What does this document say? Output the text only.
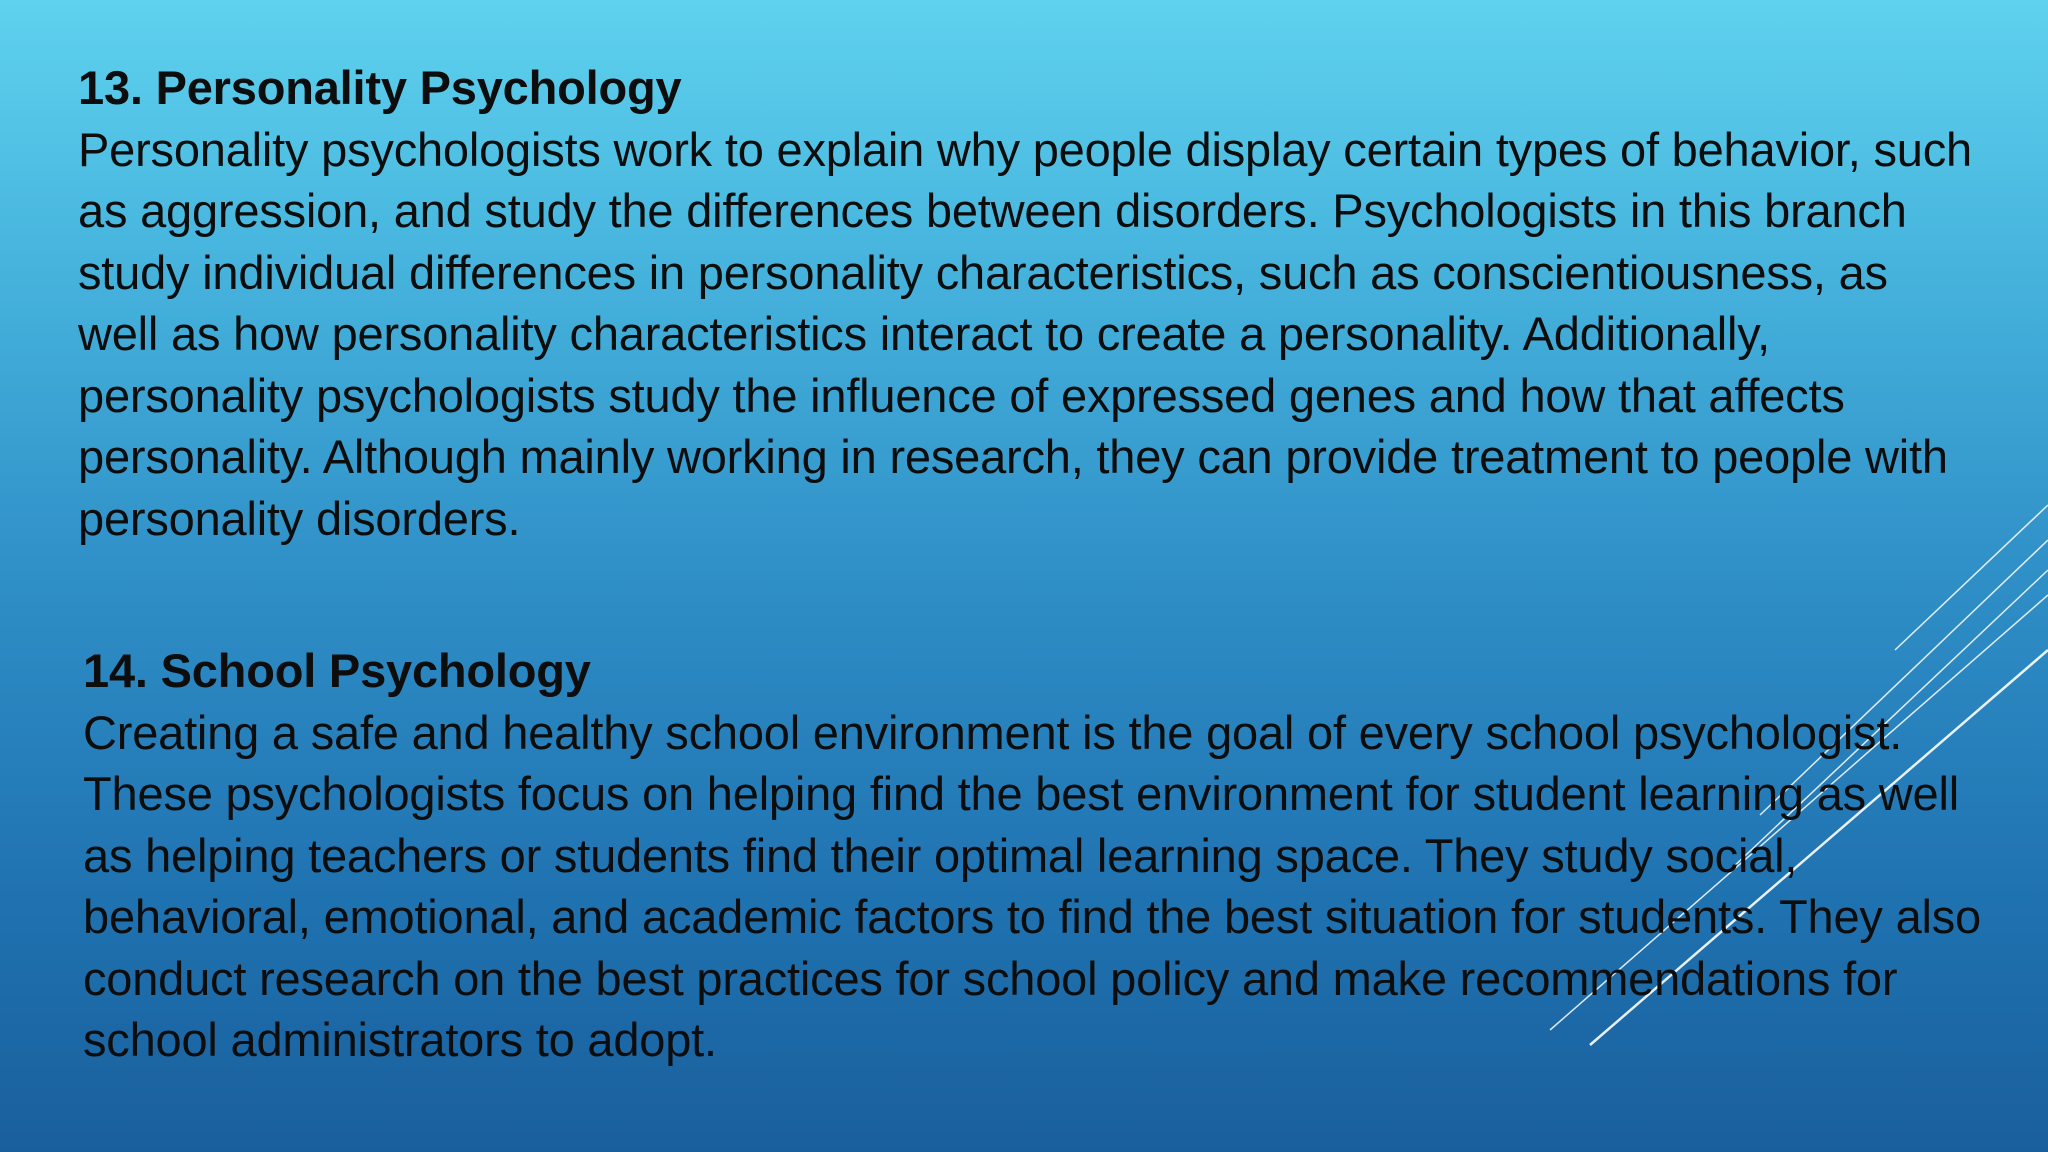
13. Personality Psychology
Personality psychologists work to explain why people display certain types of behavior, such as aggression, and study the differences between disorders. Psychologists in this branch study individual differences in personality characteristics, such as conscientiousness, as well as how personality characteristics interact to create a personality. Additionally, personality psychologists study the influence of expressed genes and how that affects personality. Although mainly working in research, they can provide treatment to people with personality disorders.
14. School Psychology
Creating a safe and healthy school environment is the goal of every school psychologist. These psychologists focus on helping find the best environment for student learning as well as helping teachers or students find their optimal learning space. They study social, behavioral, emotional, and academic factors to find the best situation for students. They also conduct research on the best practices for school policy and make recommendations for school administrators to adopt.
